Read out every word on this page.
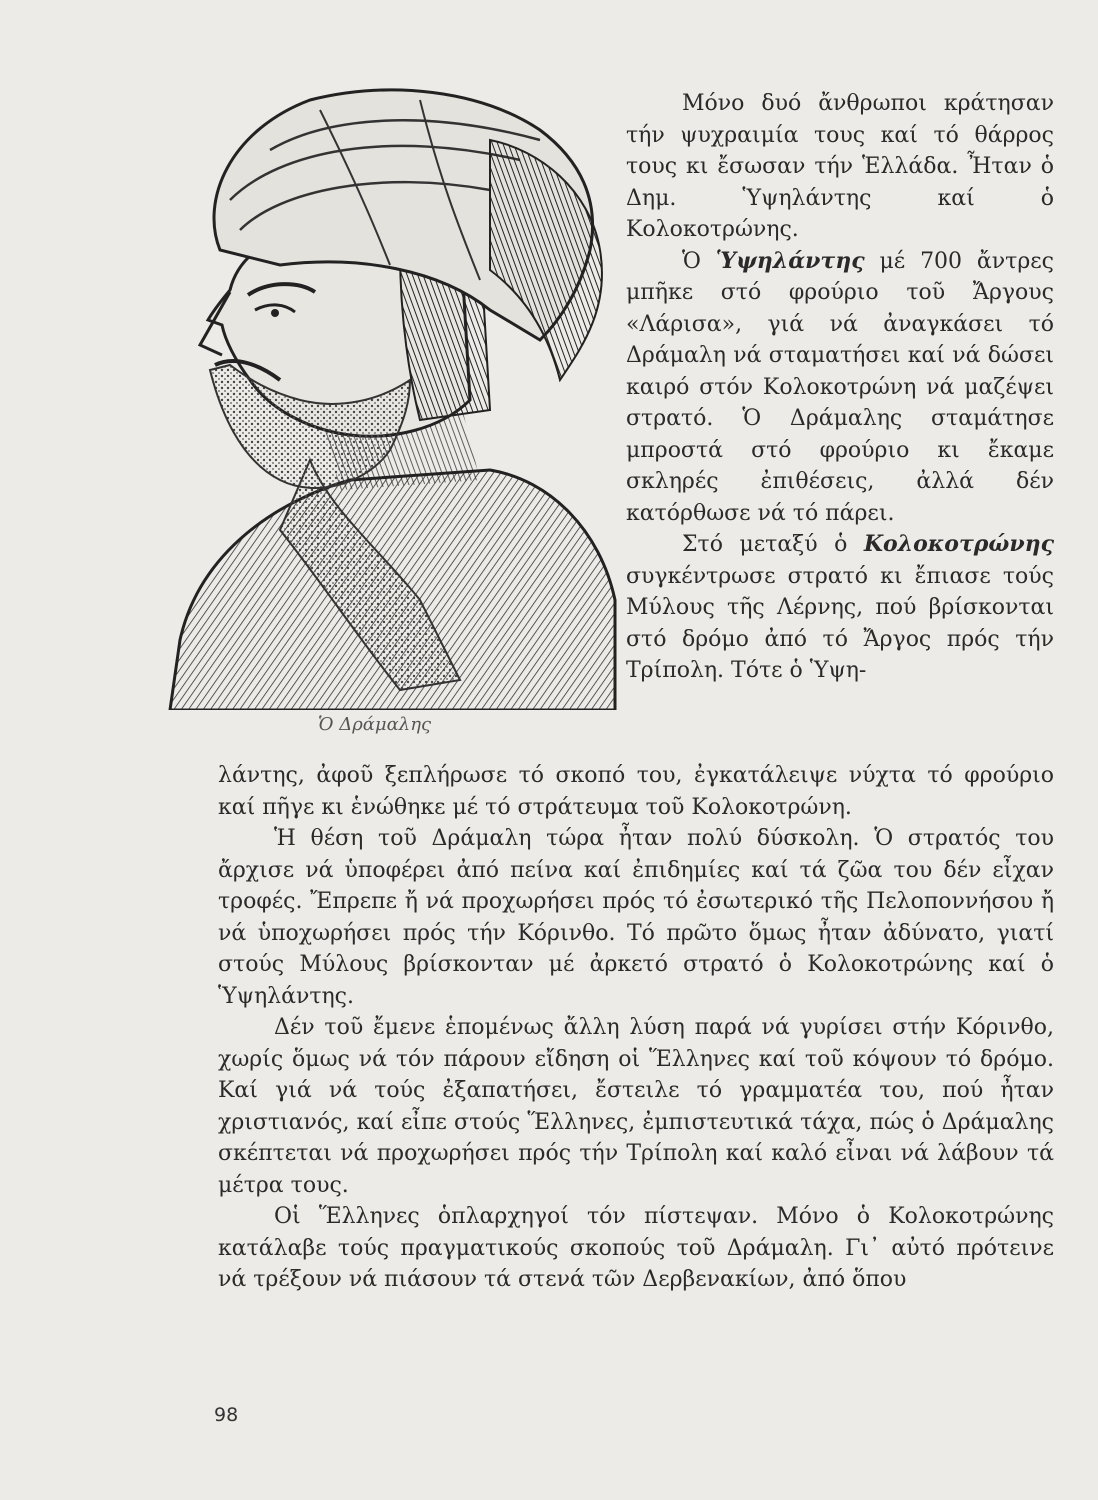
Ὁ Δράμαλης

Μόνο δυό ἄνθρωποι κράτησαν τήν ψυχραιμία τους καί τό θάρρος τους κι ἔσωσαν τήν Ἑλλάδα. Ἦταν ὁ Δημ. Ὑψηλάντης καί ὁ Κολοκοτρώνης.

Ὁ Ὑψηλάντης μέ 700 ἄντρες μπῆκε στό φρούριο τοῦ Ἄργους «Λάρισα», γιά νά ἀναγκάσει τό Δράμαλη νά σταματήσει καί νά δώσει καιρό στόν Κολοκοτρώνη νά μαζέψει στρατό. Ὁ Δράμαλης σταμάτησε μπροστά στό φρούριο κι ἔκαμε σκληρές ἐπιθέσεις, ἀλλά δέν κατόρθωσε νά τό πάρει.

Στό μεταξύ ὁ Κολοκοτρώνης συγκέντρωσε στρατό κι ἔπιασε τούς Μύλους τῆς Λέρνης, πού βρίσκονται στό δρόμο ἀπό τό Ἄργος πρός τήν Τρίπολη. Τότε ὁ Ὑψη-

λάντης, ἀφοῦ ξεπλήρωσε τό σκοπό του, ἐγκατάλειψε νύχτα τό φρούριο καί πῆγε κι ἑνώθηκε μέ τό στράτευμα τοῦ Κολοκοτρώνη.

Ἡ θέση τοῦ Δράμαλη τώρα ἦταν πολύ δύσκολη. Ὁ στρατός του ἄρχισε νά ὑποφέρει ἀπό πείνα καί ἐπιδημίες καί τά ζῶα του δέν εἶχαν τροφές. Ἔπρεπε ἤ νά προχωρήσει πρός τό ἐσωτερικό τῆς Πελοποννήσου ἤ νά ὑποχωρήσει πρός τήν Κόρινθο. Τό πρῶτο ὅμως ἦταν ἀδύνατο, γιατί στούς Μύλους βρίσκονταν μέ ἀρκετό στρατό ὁ Κολοκοτρώνης καί ὁ Ὑψηλάντης.

Δέν τοῦ ἔμενε ἑπομένως ἄλλη λύση παρά νά γυρίσει στήν Κόρινθο, χωρίς ὅμως νά τόν πάρουν εἴδηση οἱ Ἕλληνες καί τοῦ κόψουν τό δρόμο. Καί γιά νά τούς ἐξαπατήσει, ἔστειλε τό γραμματέα του, πού ἦταν χριστιανός, καί εἶπε στούς Ἕλληνες, ἐμπιστευτικά τάχα, πώς ὁ Δράμαλης σκέπτεται νά προχωρήσει πρός τήν Τρίπολη καί καλό εἶναι νά λάβουν τά μέτρα τους.

Οἱ Ἕλληνες ὁπλαρχηγοί τόν πίστεψαν. Μόνο ὁ Κολοκοτρώνης κατάλαβε τούς πραγματικούς σκοπούς τοῦ Δράμαλη. Γι᾽ αὐτό πρότεινε νά τρέξουν νά πιάσουν τά στενά τῶν Δερβενακίων, ἀπό ὅπου

98
